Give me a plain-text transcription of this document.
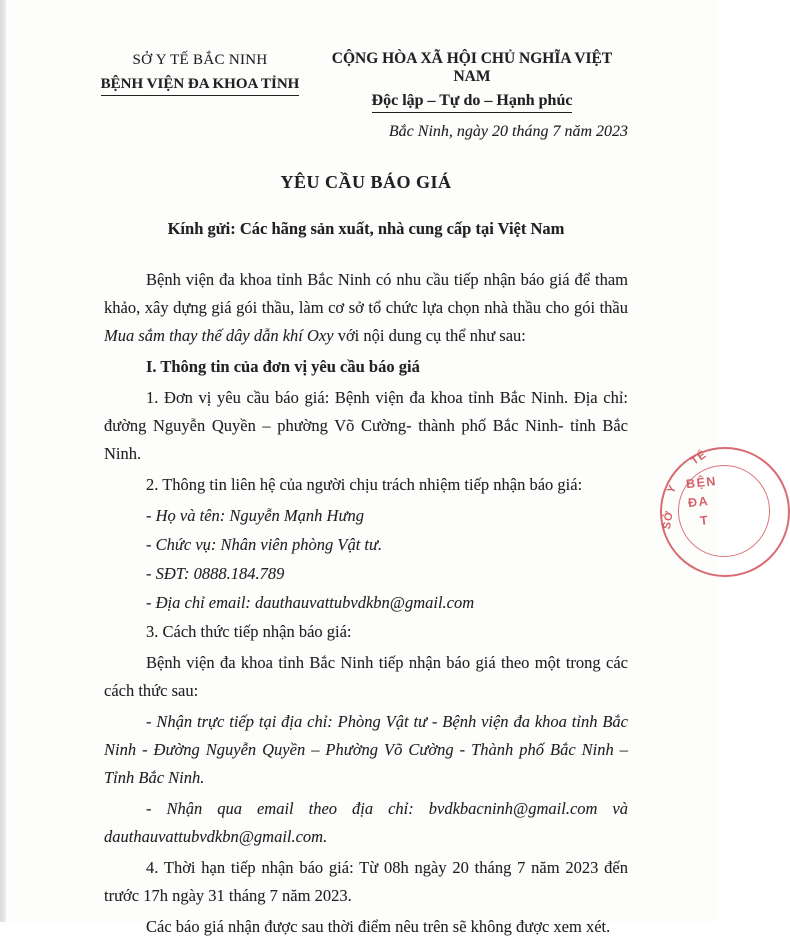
SỞ Y TẾ BẮC NINH
BỆNH VIỆN ĐA KHOA TỈNH
CỘNG HÒA XÃ HỘI CHỦ NGHĨA VIỆT NAM
Độc lập – Tự do – Hạnh phúc
Bắc Ninh, ngày 20 tháng 7 năm 2023
YÊU CẦU BÁO GIÁ
Kính gửi: Các hãng sản xuất, nhà cung cấp tại Việt Nam

Bệnh viện đa khoa tỉnh Bắc Ninh có nhu cầu tiếp nhận báo giá để tham khảo, xây dựng giá gói thầu, làm cơ sở tổ chức lựa chọn nhà thầu cho gói thầu Mua sắm thay thế dây dẫn khí Oxy với nội dung cụ thể như sau:

I. Thông tin của đơn vị yêu cầu báo giá

1. Đơn vị yêu cầu báo giá: Bệnh viện đa khoa tỉnh Bắc Ninh. Địa chỉ: đường Nguyễn Quyền – phường Võ Cường- thành phố Bắc Ninh- tỉnh Bắc Ninh.

2. Thông tin liên hệ của người chịu trách nhiệm tiếp nhận báo giá:

- Họ và tên: Nguyễn Mạnh Hưng

- Chức vụ: Nhân viên phòng Vật tư.

- SĐT: 0888.184.789

- Địa chỉ email: dauthauvattubvdkbn@gmail.com

3. Cách thức tiếp nhận báo giá:

Bệnh viện đa khoa tỉnh Bắc Ninh tiếp nhận báo giá theo một trong các cách thức sau:

- Nhận trực tiếp tại địa chỉ: Phòng Vật tư - Bệnh viện đa khoa tỉnh Bắc Ninh - Đường Nguyễn Quyền – Phường Võ Cường - Thành phố Bắc Ninh – Tỉnh Bắc Ninh.

- Nhận qua email theo địa chỉ: bvdkbacninh@gmail.com và dauthauvattubvdkbn@gmail.com.

4. Thời hạn tiếp nhận báo giá: Từ 08h ngày 20 tháng 7 năm 2023 đến trước 17h ngày 31 tháng 7 năm 2023.

Các báo giá nhận được sau thời điểm nêu trên sẽ không được xem xét.

TẾ
Y
SỞ
BỆN
ĐA
T
